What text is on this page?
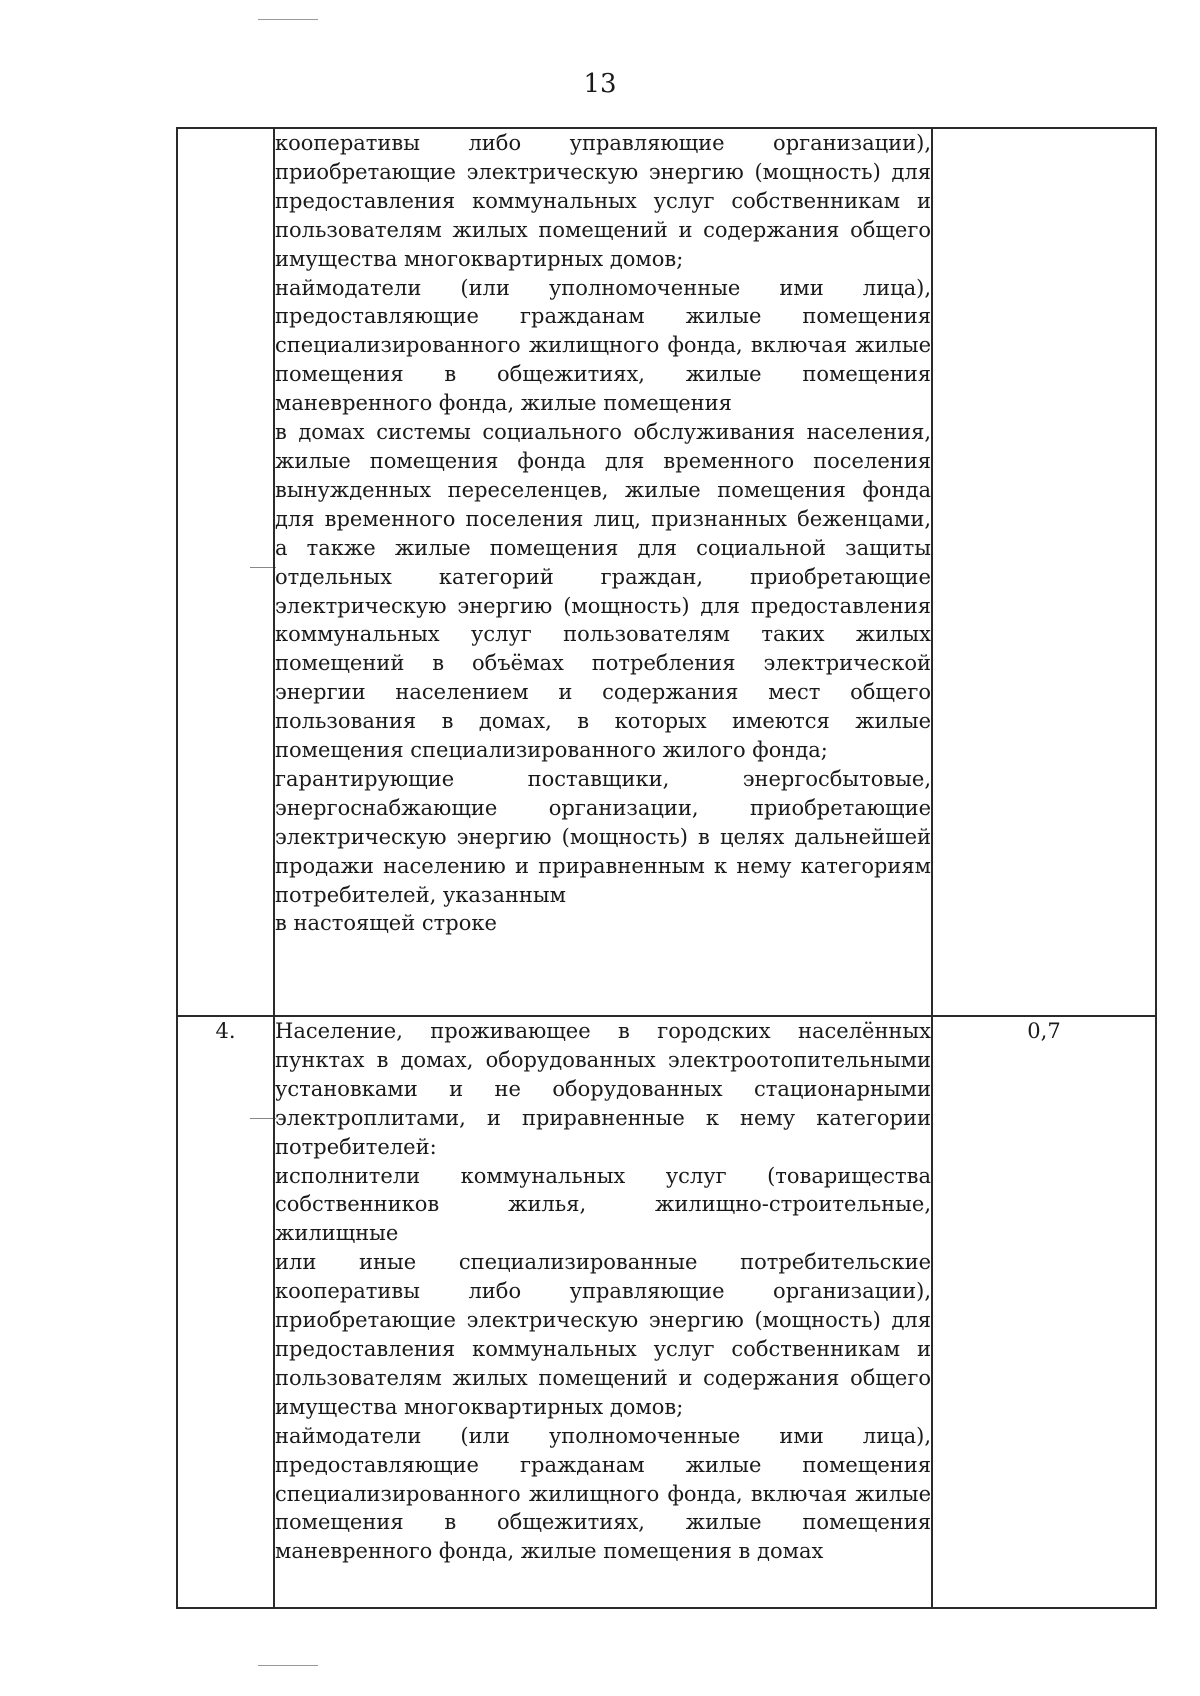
13

	кооперативы либо управляющие организации), приобретающие электрическую энергию (мощность) для предоставления коммунальных услуг собственникам и пользователям жилых помещений и содержания общего имущества многоквартирных домов;
наймодатели (или уполномоченные ими лица), предоставляющие гражданам жилые помещения специализированного жилищного фонда, включая жилые помещения в общежитиях, жилые помещения маневренного фонда, жилые помещения
в домах системы социального обслуживания населения, жилые помещения фонда для временного поселения вынужденных переселенцев, жилые помещения фонда для временного поселения лиц, признанных беженцами, а также жилые помещения для социальной защиты отдельных категорий граждан, приобретающие электрическую энергию (мощность) для предоставления коммунальных услуг пользователям таких жилых помещений в объёмах потребления электрической энергии населением и содержания мест общего пользования в домах, в которых имеются жилые помещения специализированного жилого фонда;
гарантирующие поставщики, энергосбытовые, энергоснабжающие организации, приобретающие электрическую энергию (мощность) в целях дальнейшей продажи населению и приравненным к нему категориям потребителей, указанным
в настоящей строке	

4.	Население, проживающее в городских населённых пунктах в домах, оборудованных электроотопительными установками и не оборудованных стационарными электроплитами, и приравненные к нему категории потребителей:
исполнители коммунальных услуг (товарищества собственников жилья, жилищно-строительные, жилищные
или иные специализированные потребительские кооперативы либо управляющие организации), приобретающие электрическую энергию (мощность) для предоставления коммунальных услуг собственникам и пользователям жилых помещений и содержания общего имущества многоквартирных домов;
наймодатели (или уполномоченные ими лица), предоставляющие гражданам жилые помещения специализированного жилищного фонда, включая жилые помещения в общежитиях, жилые помещения маневренного фонда, жилые помещения в домах	0,7
